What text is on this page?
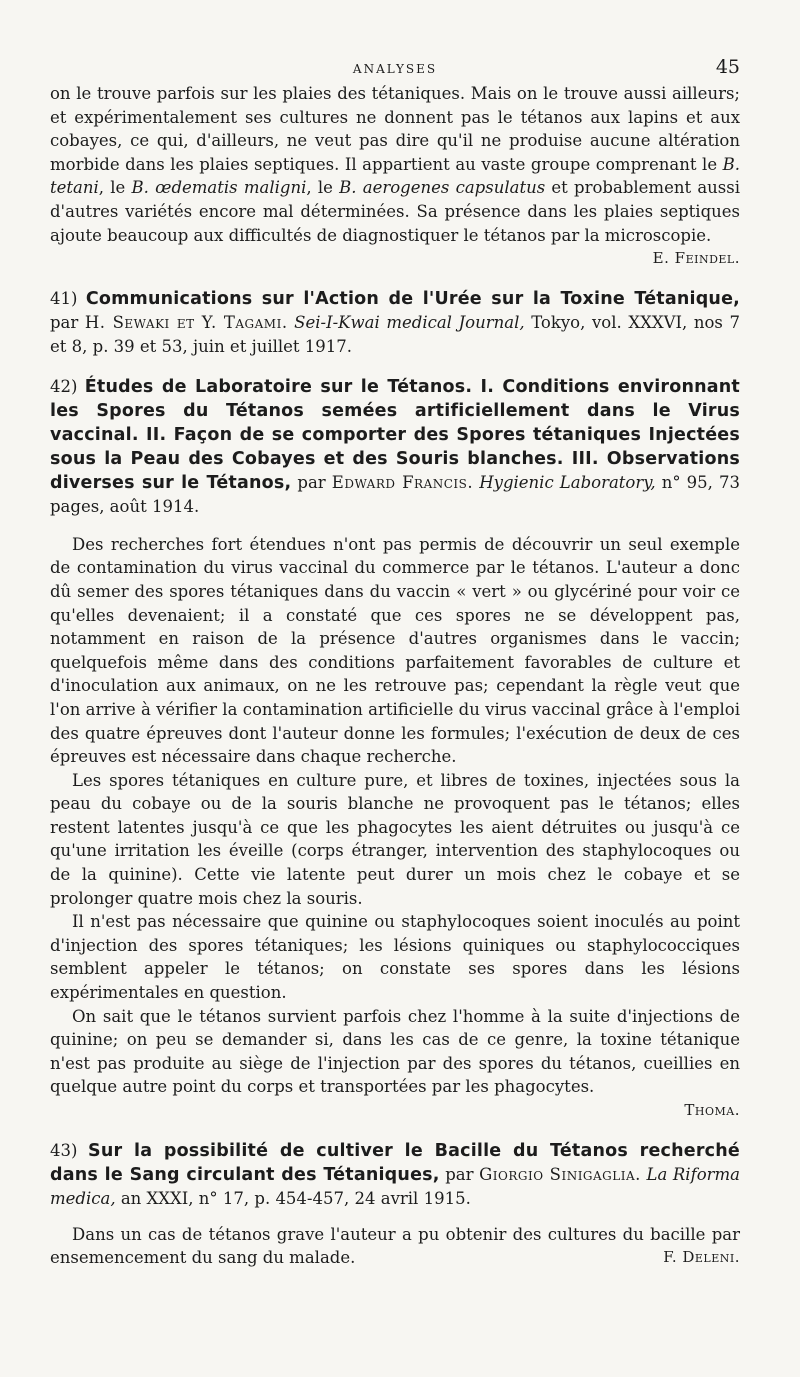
ANALYSES	45

on le trouve parfois sur les plaies des tétaniques. Mais on le trouve aussi ailleurs; et expérimentalement ses cultures ne donnent pas le tétanos aux lapins et aux cobayes, ce qui, d'ailleurs, ne veut pas dire qu'il ne produise aucune altération morbide dans les plaies septiques. Il appartient au vaste groupe comprenant le B. tetani, le B. œdematis maligni, le B. aerogenes capsulatus et probablement aussi d'autres variétés encore mal déterminées. Sa présence dans les plaies septiques ajoute beaucoup aux difficultés de diagnostiquer le tétanos par la microscopie.
E. Feindel.

41) Communications sur l'Action de l'Urée sur la Toxine Tétanique, par H. Sewaki et Y. Tagami. Sei-I-Kwai medical Journal, Tokyo, vol. XXXVI, nos 7 et 8, p. 39 et 53, juin et juillet 1917.
42) Études de Laboratoire sur le Tétanos. I. Conditions environnant les Spores du Tétanos semées artificiellement dans le Virus vaccinal. II. Façon de se comporter des Spores tétaniques Injectées sous la Peau des Cobayes et des Souris blanches. III. Observations diverses sur le Tétanos, par Edward Francis. Hygienic Laboratory, n° 95, 73 pages, août 1914.

Des recherches fort étendues n'ont pas permis de découvrir un seul exemple de contamination du virus vaccinal du commerce par le tétanos. L'auteur a donc dû semer des spores tétaniques dans du vaccin « vert » ou glycériné pour voir ce qu'elles devenaient; il a constaté que ces spores ne se développent pas, notamment en raison de la présence d'autres organismes dans le vaccin; quelquefois même dans des conditions parfaitement favorables de culture et d'inoculation aux animaux, on ne les retrouve pas; cependant la règle veut que l'on arrive à vérifier la contamination artificielle du virus vaccinal grâce à l'emploi des quatre épreuves dont l'auteur donne les formules; l'exécution de deux de ces épreuves est nécessaire dans chaque recherche.

Les spores tétaniques en culture pure, et libres de toxines, injectées sous la peau du cobaye ou de la souris blanche ne provoquent pas le tétanos; elles restent latentes jusqu'à ce que les phagocytes les aient détruites ou jusqu'à ce qu'une irritation les éveille (corps étranger, intervention des staphylocoques ou de la quinine). Cette vie latente peut durer un mois chez le cobaye et se prolonger quatre mois chez la souris.

Il n'est pas nécessaire que quinine ou staphylocoques soient inoculés au point d'injection des spores tétaniques; les lésions quiniques ou staphylococciques semblent appeler le tétanos; on constate ses spores dans les lésions expérimentales en question.

On sait que le tétanos survient parfois chez l'homme à la suite d'injections de quinine; on peu se demander si, dans les cas de ce genre, la toxine tétanique n'est pas produite au siège de l'injection par des spores du tétanos, cueillies en quelque autre point du corps et transportées par les phagocytes.

Thoma.

43) Sur la possibilité de cultiver le Bacille du Tétanos recherché dans le Sang circulant des Tétaniques, par Giorgio Sinigaglia. La Riforma medica, an XXXI, n° 17, p. 454-457, 24 avril 1915.

Dans un cas de tétanos grave l'auteur a pu obtenir des cultures du bacille par ensemencement du sang du malade.	F. Deleni.
